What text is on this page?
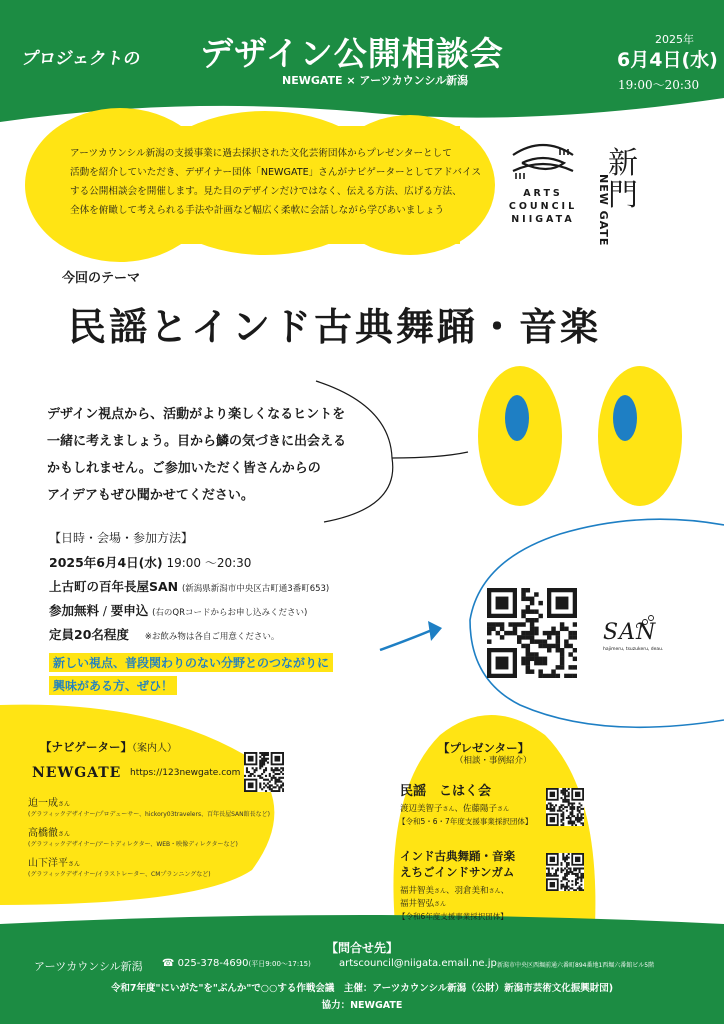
プロジェクトの デザイン公開相談会
NEWGATE × アーツカウンシル新潟
2025年
6月4日(水)
19:00～20:30

アーツカウンシル新潟の支援事業に過去採択された文化芸術団体からプレゼンターとして

活動を紹介していただき、デザイナー団体「NEWGATE」さんがナビゲーターとしてアドバイス

する公開相談会を開催します。見た目のデザインだけではなく、伝える方法、広げる方法、

全体を俯瞰して考えられる手法や計画など幅広く柔軟に会話しながら学びあいましょう

ARTS
COUNCIL
NIIGATA
新門
NEW GATE
今回のテーマ
民謡とインド古典舞踊・音楽

デザイン視点から、活動がより楽しくなるヒントを

一緒に考えましょう。目から鱗の気づきに出会える

かもしれません。ご参加いただく皆さんからの

アイデアもぜひ聞かせてください。

【日時・会場・参加方法】
2025年6月4日(水) 19:00 ～20:30
上古町の百年長屋SAN (新潟県新潟市中央区古町通3番町653)
参加無料 / 要申込 (右のQRコードからお申し込みください)
定員20名程度 ※お飲み物は各自ご用意ください。
新しい視点、普段関わりのない分野とのつながりに
興味がある方、ぜひ！
SAN
hajimeru, tsuzukeru, deau.
【ナビゲーター】（案内人）
NEWGATE https://123newgate.com
迫一成さん
(グラフィックデザイナー/プロデューサー、hickory03travelers、百年長屋SAN館長など)
高橋徹さん
(グラフィックデザイナー/アートディレクター、WEB・映像ディレクターなど)
山下洋平さん
(グラフィックデザイナー/イラストレーター、CMプランニングなど)
【プレゼンター】
（相談・事例紹介）
民謡　こはく会
渡辺美智子さん、佐藤陽子さん
【令和5・6・7年度支援事業採択団体】
インド古典舞踊・音楽
えちごインドサンガム
福井智美さん、羽倉美和さん、
福井智弘さん
【令和6年度支援事業採択団体】
【問合せ先】
アーツカウンシル新潟 ☎ 025-378-4690(平日9:00～17:15)	artscouncil@niigata.email.ne.jp 新潟市中央区西堀前通六番町894番地1西堀六番館ビル5階
令和7年度"にいがた"を"ぶんか"で○○する作戦会議　主催：アーツカウンシル新潟（公財）新潟市芸術文化振興財団)
協力：NEWGATE
